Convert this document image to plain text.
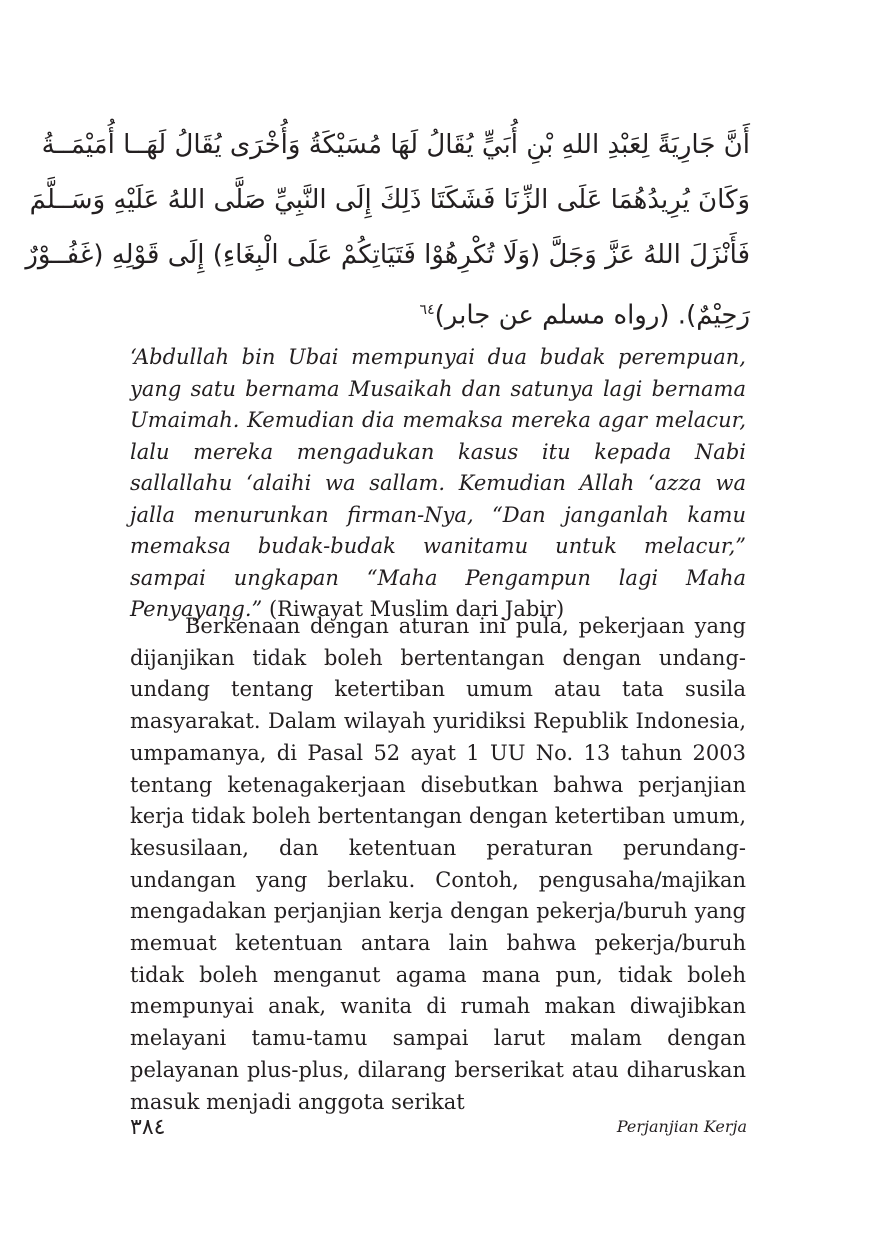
أَنَّ جَارِيَةً لِعَبْدِ اللهِ بْنِ أُبَيٍّ يُقَالُ لَهَا مُسَيْكَةُ وَأُخْرَى يُقَالُ لَهَــا أُمَيْمَــةُ
وَكَانَ يُرِيدُهُمَا عَلَى الزِّنَا فَشَكَتَا ذَلِكَ إِلَى النَّبِيِّ صَلَّى اللهُ عَلَيْهِ وَسَــلَّمَ
فَأَنْزَلَ اللهُ عَزَّ وَجَلَّ (وَلَا تُكْرِهُوْا فَتَيَاتِكُمْ عَلَى الْبِغَاءِ) إِلَى قَوْلِهِ (غَفُــوْرٌ
رَحِيْمٌ). (رواه مسلم عن جابر)$^{٦٤}$
‘Abdullah bin Ubai mempunyai dua budak perempuan, yang satu bernama Musaikah dan satunya lagi bernama Umaimah. Kemudian dia memaksa mereka agar melacur, lalu mereka mengadukan kasus itu kepada Nabi sallallahu ‘alaihi wa sallam. Kemudian Allah ‘azza wa jalla menurunkan firman-Nya, “Dan janganlah kamu memaksa budak-budak wanitamu untuk melacur,” sampai ungkapan “Maha Pengampun lagi Maha Penyayang.” (Riwayat Muslim dari Jabir)

Berkenaan dengan aturan ini pula, pekerjaan yang dijanjikan tidak boleh bertentangan dengan undang-undang tentang ketertiban umum atau tata susila masyarakat. Dalam wilayah yuridiksi Republik Indonesia, umpamanya, di Pasal 52 ayat 1 UU No. 13 tahun 2003 tentang ketenagakerjaan disebutkan bahwa perjanjian kerja tidak boleh bertentangan dengan ketertiban umum, kesusilaan, dan ketentuan peraturan perundang-undangan yang berlaku. Contoh, pengusaha/majikan mengadakan perjanjian kerja dengan pekerja/buruh yang memuat ketentuan antara lain bahwa pekerja/buruh tidak boleh menganut agama mana pun, tidak boleh mempunyai anak, wanita di rumah makan diwajibkan melayani tamu-tamu sampai larut malam dengan pelayanan plus-plus, dilarang berserikat atau diharuskan masuk menjadi anggota serikat

٣٨٤	Perjanjian Kerja
